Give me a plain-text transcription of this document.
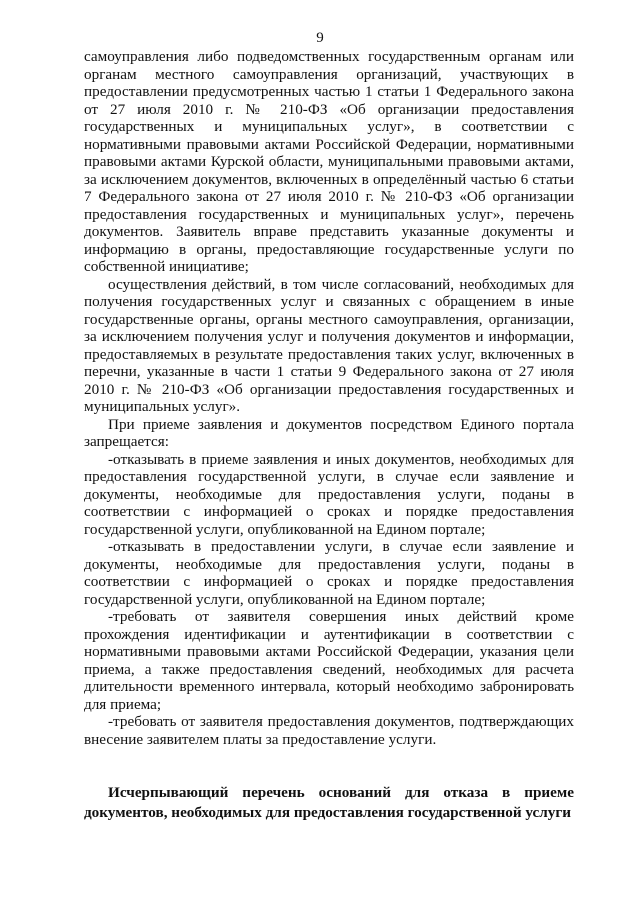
9

самоуправления либо подведомственных государственным органам или органам местного самоуправления организаций, участвующих в предоставлении предусмотренных частью 1 статьи 1 Федерального закона от 27 июля 2010 г. № 210-ФЗ «Об организации предоставления государственных и муниципальных услуг», в соответствии с нормативными правовыми актами Российской Федерации, нормативными правовыми актами Курской области, муниципальными правовыми актами, за исключением документов, включенных в определённый частью 6 статьи 7 Федерального закона от 27 июля 2010 г. № 210-ФЗ «Об организации предоставления государственных и муниципальных услуг», перечень документов. Заявитель вправе представить указанные документы и информацию в органы, предоставляющие государственные услуги по собственной инициативе;

осуществления действий, в том числе согласований, необходимых для получения государственных услуг и связанных с обращением в иные государственные органы, органы местного самоуправления, организации, за исключением получения услуг и получения документов и информации, предоставляемых в результате предоставления таких услуг, включенных в перечни, указанные в части 1 статьи 9 Федерального закона от 27 июля 2010 г. № 210-ФЗ «Об организации предоставления государственных и муниципальных услуг».

При приеме заявления и документов посредством Единого портала запрещается:

-отказывать в приеме заявления и иных документов, необходимых для предоставления государственной услуги, в случае если заявление и документы, необходимые для предоставления услуги, поданы в соответствии с информацией о сроках и порядке предоставления государственной услуги, опубликованной на Едином портале;

-отказывать в предоставлении услуги, в случае если заявление и документы, необходимые для предоставления услуги, поданы в соответствии с информацией о сроках и порядке предоставления государственной услуги, опубликованной на Едином портале;

-требовать от заявителя совершения иных действий кроме прохождения идентификации и аутентификации в соответствии с нормативными правовыми актами Российской Федерации, указания цели приема, а также предоставления сведений, необходимых для расчета длительности временного интервала, который необходимо забронировать для приема;

-требовать от заявителя предоставления документов, подтверждающих внесение заявителем платы за предоставление услуги.

Исчерпывающий перечень оснований для отказа в приеме документов, необходимых для предоставления государственной услуги
